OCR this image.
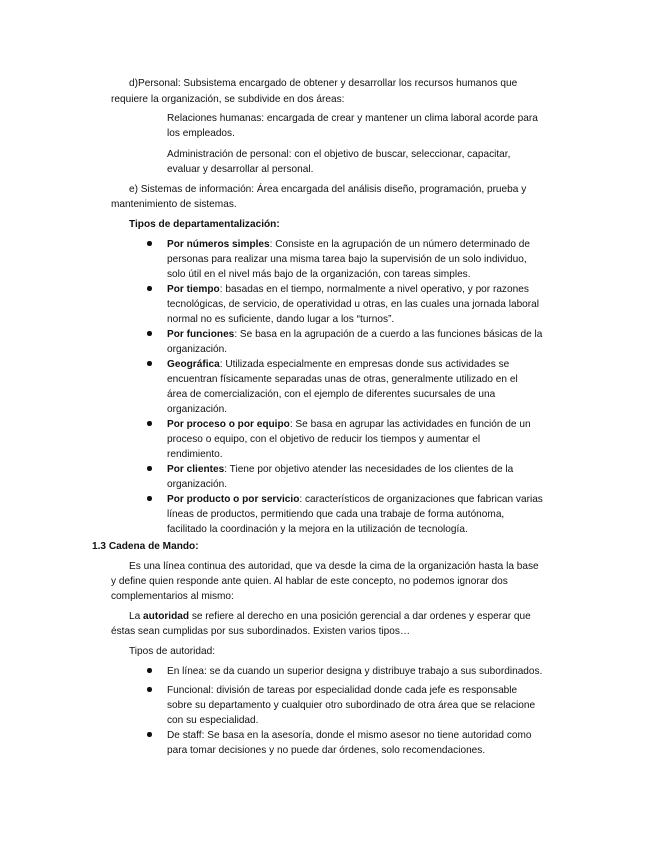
d)Personal: Subsistema encargado de obtener y desarrollar los recursos humanos que
requiere la organización, se subdivide en dos áreas:
Relaciones humanas: encargada de crear y mantener un clima laboral acorde para
los empleados.
Administración de personal: con el objetivo de buscar, seleccionar, capacitar,
evaluar y desarrollar al personal.
e) Sistemas de información: Área encargada del análisis diseño, programación, prueba y
mantenimiento de sistemas.
Tipos de departamentalización:
Por números simples: Consiste en la agrupación de un número determinado de
personas para realizar una misma tarea bajo la supervisión de un solo individuo,
solo útil en el nivel más bajo de la organización, con tareas simples.
Por tiempo: basadas en el tiempo, normalmente a nivel operativo, y por razones
tecnológicas, de servicio, de operatividad u otras, en las cuales una jornada laboral
normal no es suficiente, dando lugar a los “turnos”.
Por funciones: Se basa en la agrupación de a cuerdo a las funciones básicas de la
organización.
Geográfica: Utilizada especialmente en empresas donde sus actividades se
encuentran físicamente separadas unas de otras, generalmente utilizado en el
área de comercialización, con el ejemplo de diferentes sucursales de una
organización.
Por proceso o por equipo: Se basa en agrupar las actividades en función de un
proceso o equipo, con el objetivo de reducir los tiempos y aumentar el
rendimiento.
Por clientes: Tiene por objetivo atender las necesidades de los clientes de la
organización.
Por producto o por servicio: característicos de organizaciones que fabrican varias
líneas de productos, permitiendo que cada una trabaje de forma autónoma,
facilitado la coordinación y la mejora en la utilización de tecnología.
1.3 Cadena de Mando:
Es una línea continua des autoridad, que va desde la cima de la organización hasta la base
y define quien responde ante quien. Al hablar de este concepto, no podemos ignorar dos
complementarios al mismo:
La autoridad se refiere al derecho en una posición gerencial a dar ordenes y esperar que
éstas sean cumplidas por sus subordinados. Existen varios tipos…
Tipos de autoridad:
En línea: se da cuando un superior designa y distribuye trabajo a sus subordinados.
Funcional: división de tareas por especialidad donde cada jefe es responsable
sobre su departamento y cualquier otro subordinado de otra área que se relacione
con su especialidad.
De staff: Se basa en la asesoría, donde el mismo asesor no tiene autoridad como
para tomar decisiones y no puede dar órdenes, solo recomendaciones.
